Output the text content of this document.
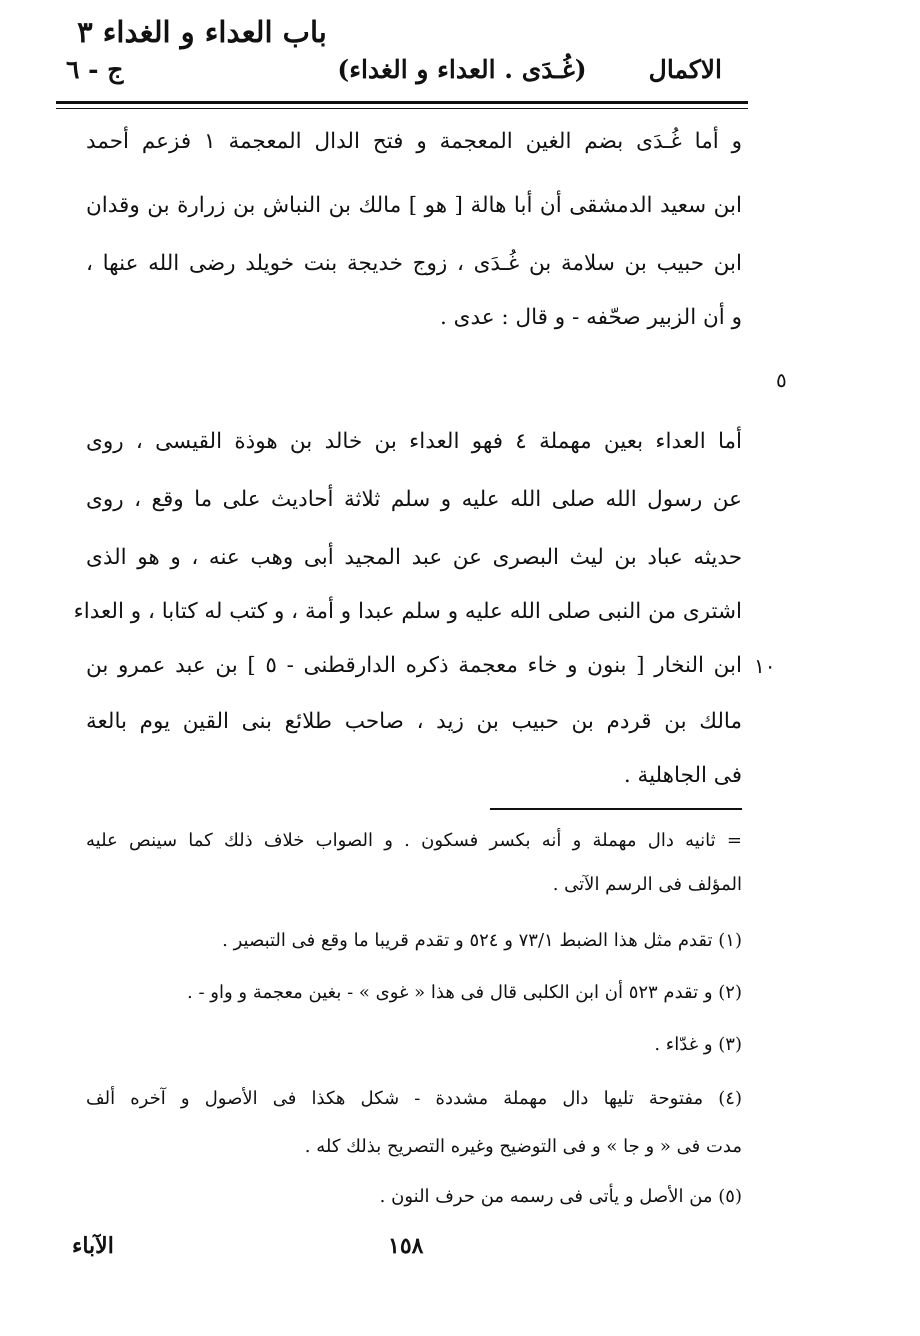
الاكمال
(غُـدَى . العداء و الغداء)
ج - ٦
و أما غُـدَى بضم الغين المعجمة و فتح الدال المعجمة ١ فزعم أحمد
ابن سعيد الدمشقى أن أبا هالة [ هو ] مالك بن النباش بن زرارة بن وقدان
ابن حبيب بن سلامة بن غُـدَى ، زوج خديجة بنت خويلد رضى الله عنها ،
و أن الزبير صحّفه - و قال : عدى .
باب العداء و الغداء ٣
٥
أما العداء بعين مهملة ٤ فهو العداء بن خالد بن هوذة القيسى ، روى
عن رسول الله صلى الله عليه و سلم ثلاثة أحاديث على ما وقع ، روى
حديثه عباد بن ليث البصرى عن عبد المجيد أبى وهب عنه ، و هو الذى
اشترى من النبى صلى الله عليه و سلم عبدا و أمة ، و كتب له كتابا ، و العداء
ابن النخار [ بنون و خاء معجمة ذكره الدارقطنى - ٥ ] بن عبد عمرو بن
مالك بن قردم بن حبيب بن زيد ، صاحب طلائع بنى القين يوم بالعة
فى الجاهلية .
١٠
= ثانيه دال مهملة و أنه بكسر فسكون . و الصواب خلاف ذلك كما سينص عليه
المؤلف فى الرسم الآتى .
(١) تقدم مثل هذا الضبط ٧٣/١ و ٥٢٤ و تقدم قريبا ما وقع فى التبصير .
(٢) و تقدم ٥٢٣ أن ابن الكلبى قال فى هذا « غوى » - بغين معجمة و واو - .
(٣) و غدّاء .
(٤) مفتوحة تليها دال مهملة مشددة - شكل هكذا فى الأصول و آخره ألف
مدت فى « و جا » و فى التوضيح وغيره التصريح بذلك كله .
(٥) من الأصل و يأتى فى رسمه من حرف النون .
١٥٨
الآباء
